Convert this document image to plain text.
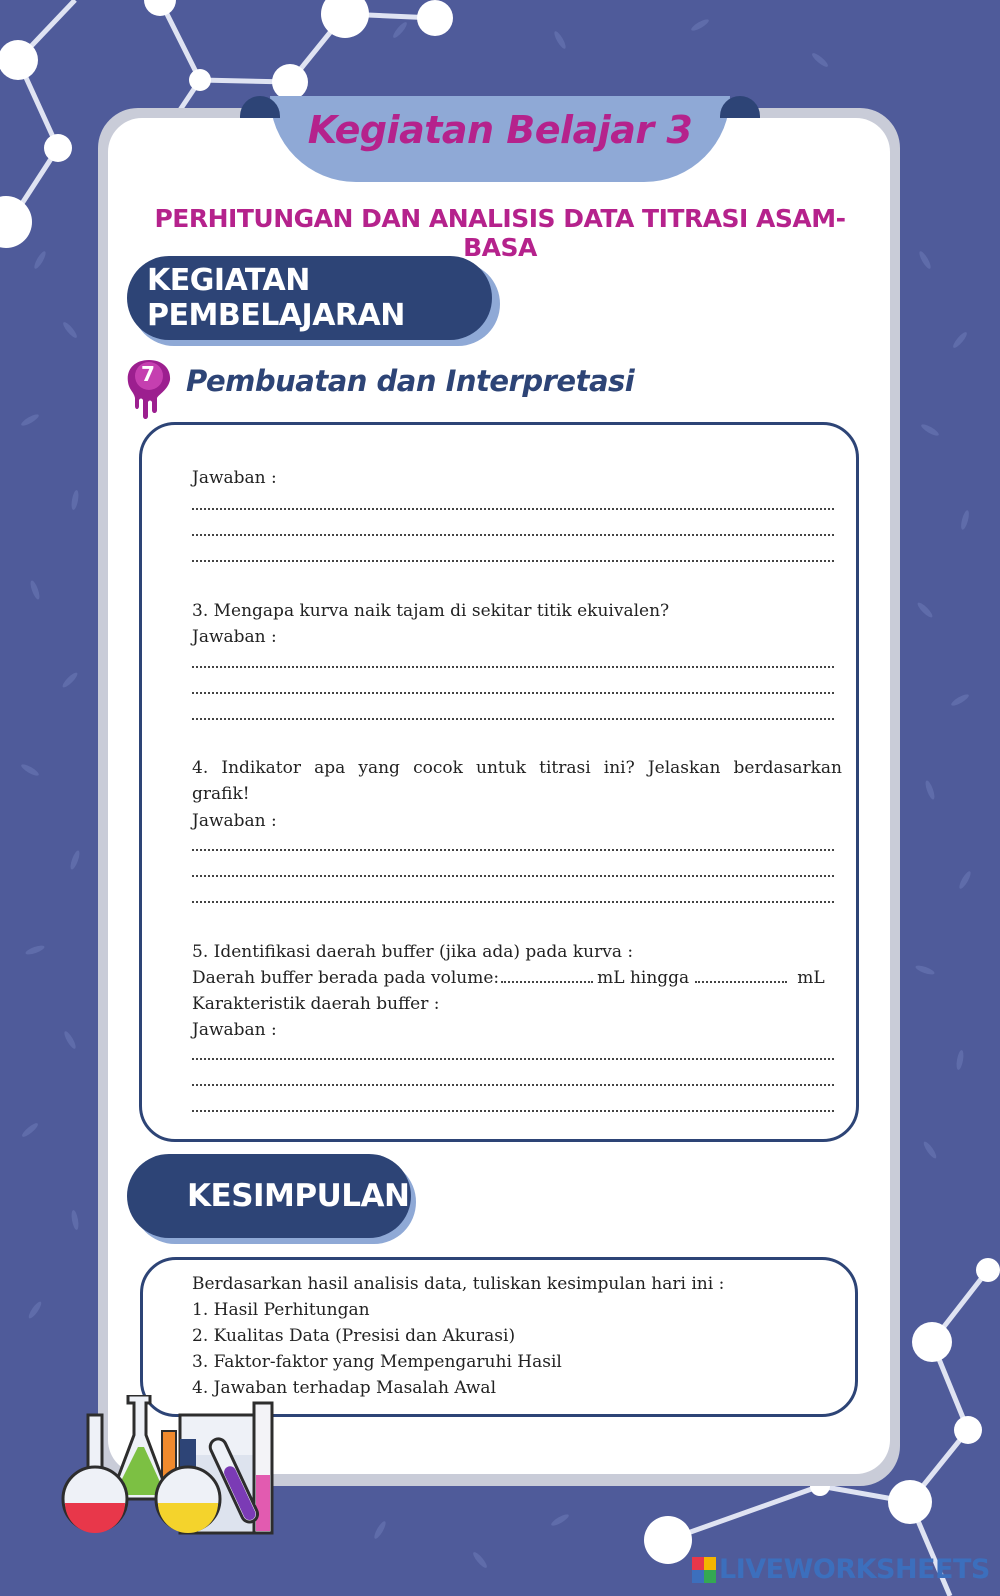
Kegiatan Belajar 3
PERHITUNGAN DAN ANALISIS DATA TITRASI ASAM-BASA
KEGIATAN PEMBELAJARAN
7 Pembuatan dan Interpretasi
Jawaban :
3. Mengapa kurva naik tajam di sekitar titik ekuivalen?
Jawaban :
4. Indikator apa yang cocok untuk titrasi ini? Jelaskan berdasarkan
grafik!
Jawaban :
5. Identifikasi daerah buffer (jika ada) pada kurva :
Daerah buffer berada pada volume:	mL hingga	mL
Karakteristik daerah buffer :
Jawaban :
KESIMPULAN
Berdasarkan hasil analisis data, tuliskan kesimpulan hari ini :
1. Hasil Perhitungan
2. Kualitas Data (Presisi dan Akurasi)
3. Faktor-faktor yang Mempengaruhi Hasil
4. Jawaban terhadap Masalah Awal
LIVEWORKSHEETS
